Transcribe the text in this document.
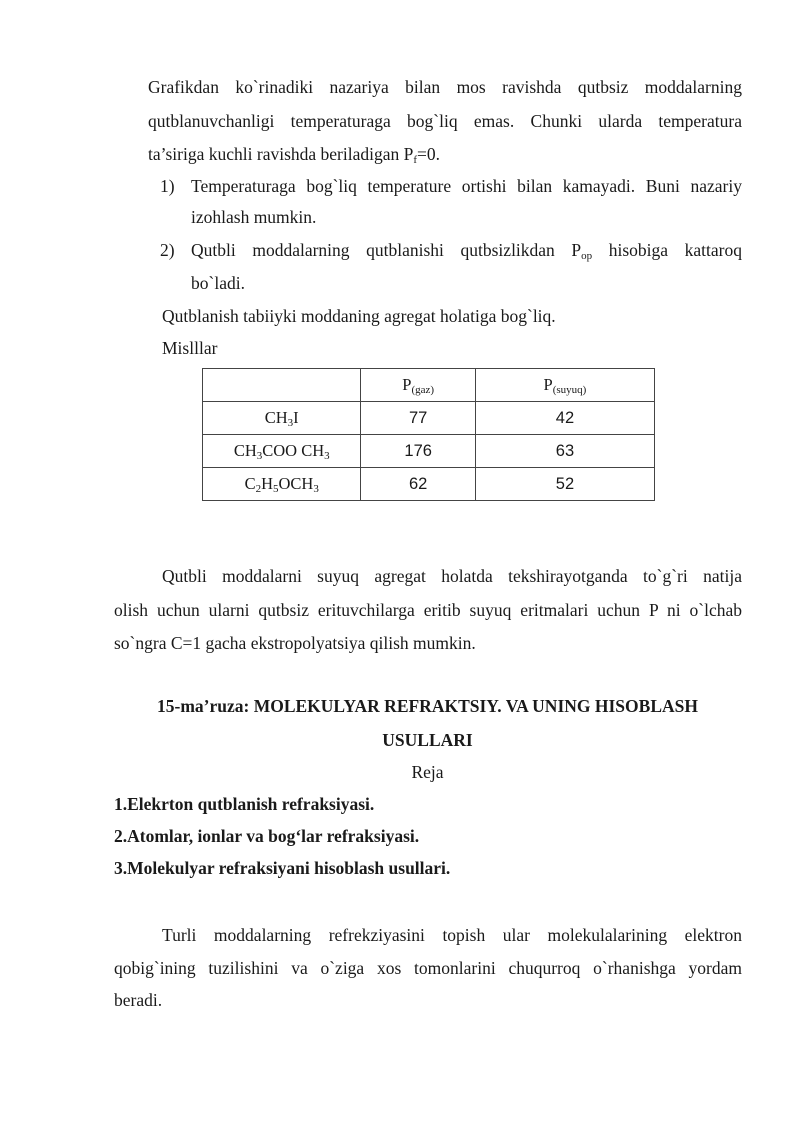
Grafikdan ko`rinadiki nazariya bilan mos ravishda qutbsiz moddalarning
qutblanuvchanligi temperaturaga bog`liq emas. Chunki ularda temperatura
ta’siriga kuchli ravishda beriladigan $P_f=0$.
1) Temperaturaga bog`liq temperature ortishi bilan kamayadi. Buni nazariy
izohlash mumkin.
2) Qutbli moddalarning qutblanishi qutbsizlikdan $P_{op}$ hisobiga kattaroq
bo`ladi.
Qutblanish tabiiyki moddaning agregat holatiga bog`liq.
Mislllar
	P(gaz)	P(suyuq)
CH3I	77	42
CH3COO CH3	176	63
C2H5OCH3	62	52
Qutbli moddalarni suyuq agregat holatda tekshirayotganda to`g`ri natija
olish uchun ularni qutbsiz erituvchilarga eritib suyuq eritmalari uchun P ni o`lchab
so`ngra C=1 gacha ekstropolyatsiya qilish mumkin.
15-ma’ruza: MOLEKULYAR REFRAKTSIY. VA UNING HISOBLASH
USULLARI
Reja
1.Elekrton qutblanish refraksiyasi.
2.Atomlar, ionlar va bog‘lar refraksiyasi.
3.Molekulyar refraksiyani hisoblash usullari.
Turli moddalarning refrekziyasini topish ular molekulalarining elektron
qobig`ining tuzilishini va o`ziga xos tomonlarini chuqurroq o`rhanishga yordam
beradi.
